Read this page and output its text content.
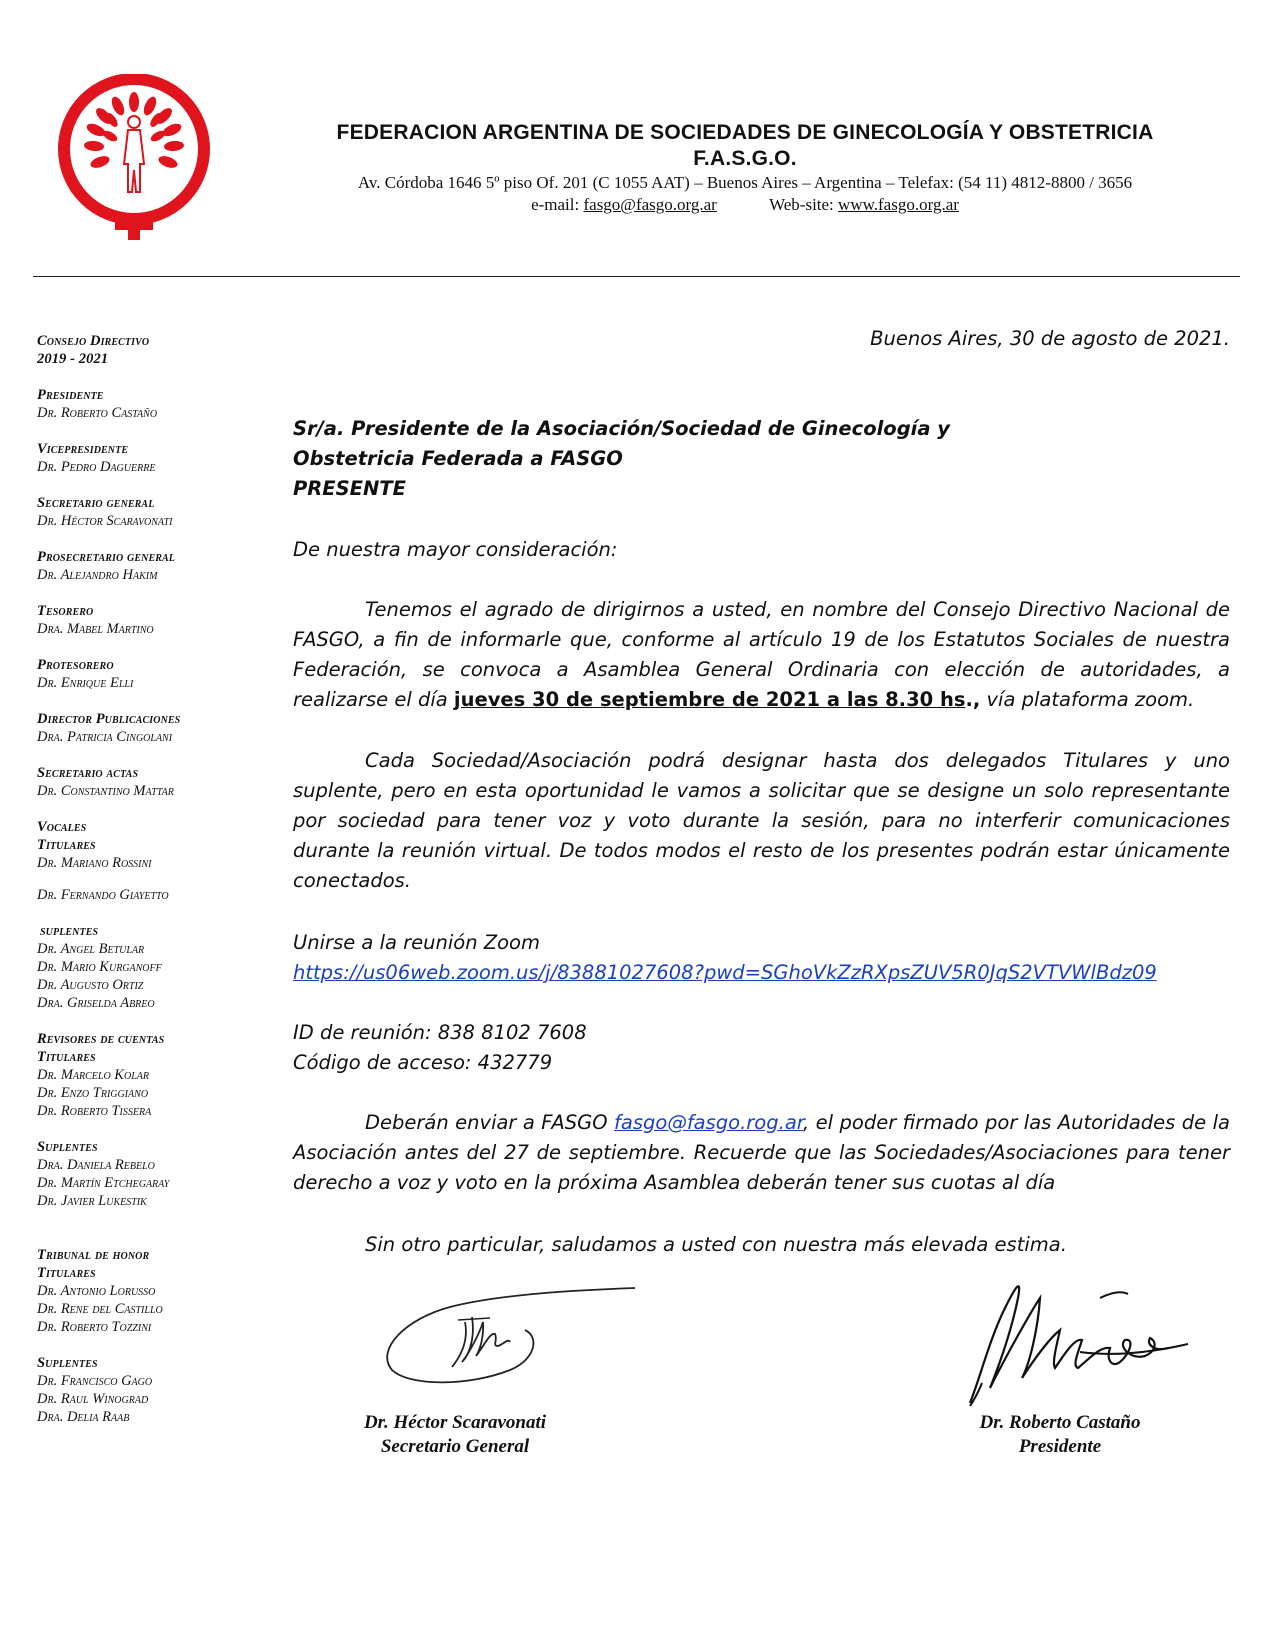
FEDERACION ARGENTINA DE SOCIEDADES DE GINECOLOGÍA Y OBSTETRICIA
F.A.S.G.O.
Av. Córdoba 1646 5º piso Of. 201 (C 1055 AAT) – Buenos Aires – Argentina – Telefax: (54 11) 4812-8800 / 3656
e-mail: fasgo@fasgo.org.ar	Web-site: www.fasgo.org.ar
Consejo Directivo
2019 - 2021
Presidente
Dr. Roberto Castaño
Vicepresidente
Dr. Pedro Daguerre
Secretario general
Dr. Héctor Scaravonati
Prosecretario general
Dr. Alejandro Hakim
Tesorero
Dra. Mabel Martino
Protesorero
Dr. Enrique Elli
Director Publicaciones
Dra. Patricia Cingolani
Secretario actas
Dr. Constantino Mattar
Vocales
Titulares
Dr. Mariano Rossini
Dr. Fernando Giayetto
suplentes
Dr. Angel Betular
Dr. Mario Kurganoff
Dr. Augusto Ortiz
Dra. Griselda Abreo
Revisores de cuentas
Titulares
Dr. Marcelo Kolar
Dr. Enzo Triggiano
Dr. Roberto Tissera
Suplentes
Dra. Daniela Rebelo
Dr. Martín Etchegaray
Dr. Javier Lukestik
Tribunal de honor
Titulares
Dr. Antonio Lorusso
Dr. Rene del Castillo
Dr. Roberto Tozzini
Suplentes
Dr. Francisco Gago
Dr. Raul Winograd
Dra. Delia Raab
Buenos Aires, 30 de agosto de 2021.
Sr/a. Presidente de la Asociación/Sociedad de Ginecología y
Obstetricia Federada a FASGO
PRESENTE
De nuestra mayor consideración:
Tenemos el agrado de dirigirnos a usted, en nombre del Consejo Directivo Nacional de FASGO, a fin de informarle que, conforme al artículo 19 de los Estatutos Sociales de nuestra Federación, se convoca a Asamblea General Ordinaria con elección de autoridades, a realizarse el día jueves 30 de septiembre de 2021 a las 8.30 hs., vía plataforma zoom.
Cada Sociedad/Asociación podrá designar hasta dos delegados Titulares y uno suplente, pero en esta oportunidad le vamos a solicitar que se designe un solo representante por sociedad para tener voz y voto durante la sesión, para no interferir comunicaciones durante la reunión virtual. De todos modos el resto de los presentes podrán estar únicamente conectados.
Unirse a la reunión Zoom
https://us06web.zoom.us/j/83881027608?pwd=SGhoVkZzRXpsZUV5R0JqS2VTVWlBdz09
ID de reunión: 838 8102 7608
Código de acceso: 432779
Deberán enviar a FASGO fasgo@fasgo.rog.ar, el poder firmado por las Autoridades de la Asociación antes del 27 de septiembre. Recuerde que las Sociedades/Asociaciones para tener derecho a voz y voto en la próxima Asamblea deberán tener sus cuotas al día
Sin otro particular, saludamos a usted con nuestra más elevada estima.
Dr. Héctor Scaravonati
Secretario General
Dr. Roberto Castaño
Presidente
